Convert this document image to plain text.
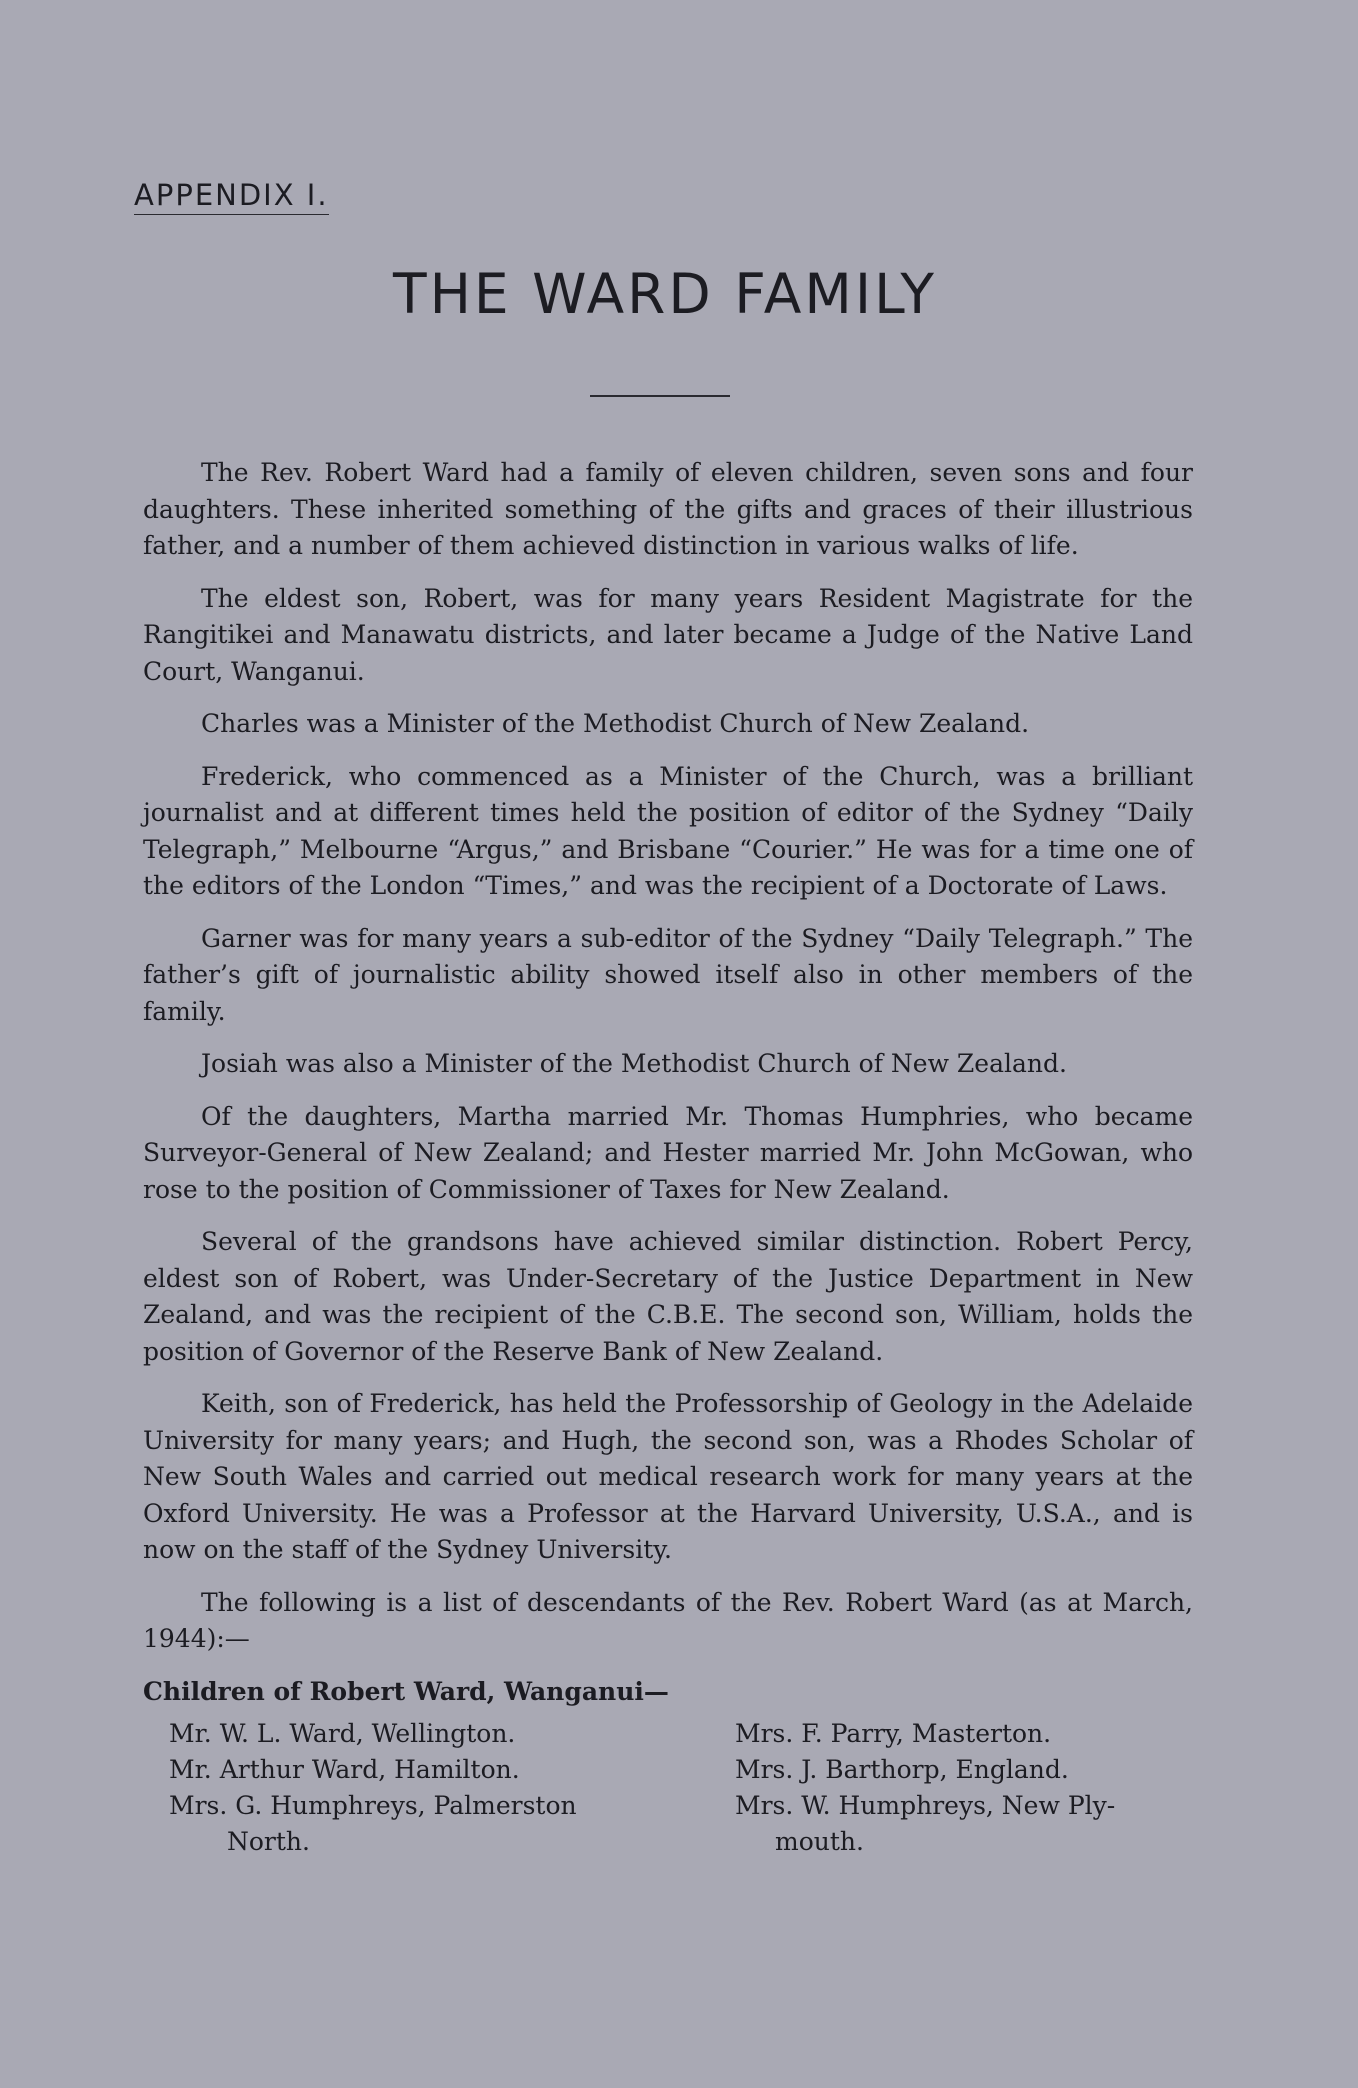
APPENDIX I.
THE WARD FAMILY

The Rev. Robert Ward had a family of eleven children, seven sons and four daughters. These inherited something of the gifts and graces of their illustrious father, and a number of them achieved distinction in various walks of life.

The eldest son, Robert, was for many years Resident Magistrate for the Rangitikei and Manawatu districts, and later became a Judge of the Native Land Court, Wanganui.

Charles was a Minister of the Methodist Church of New Zealand.

Frederick, who commenced as a Minister of the Church, was a brilliant journalist and at different times held the position of editor of the Sydney “Daily Telegraph,” Melbourne “Argus,” and Brisbane “Courier.” He was for a time one of the editors of the London “Times,” and was the recipient of a Doctorate of Laws.

Garner was for many years a sub-editor of the Sydney “Daily Telegraph.” The father’s gift of journalistic ability showed itself also in other members of the family.

Josiah was also a Minister of the Methodist Church of New Zealand.

Of the daughters, Martha married Mr. Thomas Humphries, who became Surveyor-General of New Zealand; and Hester married Mr. John McGowan, who rose to the position of Commissioner of Taxes for New Zealand.

Several of the grandsons have achieved similar distinction. Robert Percy, eldest son of Robert, was Under-Secretary of the Justice Department in New Zealand, and was the recipient of the C.B.E. The second son, William, holds the position of Governor of the Reserve Bank of New Zealand.

Keith, son of Frederick, has held the Professorship of Geology in the Adelaide University for many years; and Hugh, the second son, was a Rhodes Scholar of New South Wales and carried out medical research work for many years at the Oxford University. He was a Professor at the Harvard University, U.S.A., and is now on the staff of the Sydney University.

The following is a list of descendants of the Rev. Robert Ward (as at March, 1944):—

Children of Robert Ward, Wanganui—
Mr. W. L. Ward, Wellington.
Mr. Arthur Ward, Hamilton.
Mrs. G. Humphreys, Palmerston
North.
Mrs. F. Parry, Masterton.
Mrs. J. Barthorp, England.
Mrs. W. Humphreys, New Ply-
mouth.
